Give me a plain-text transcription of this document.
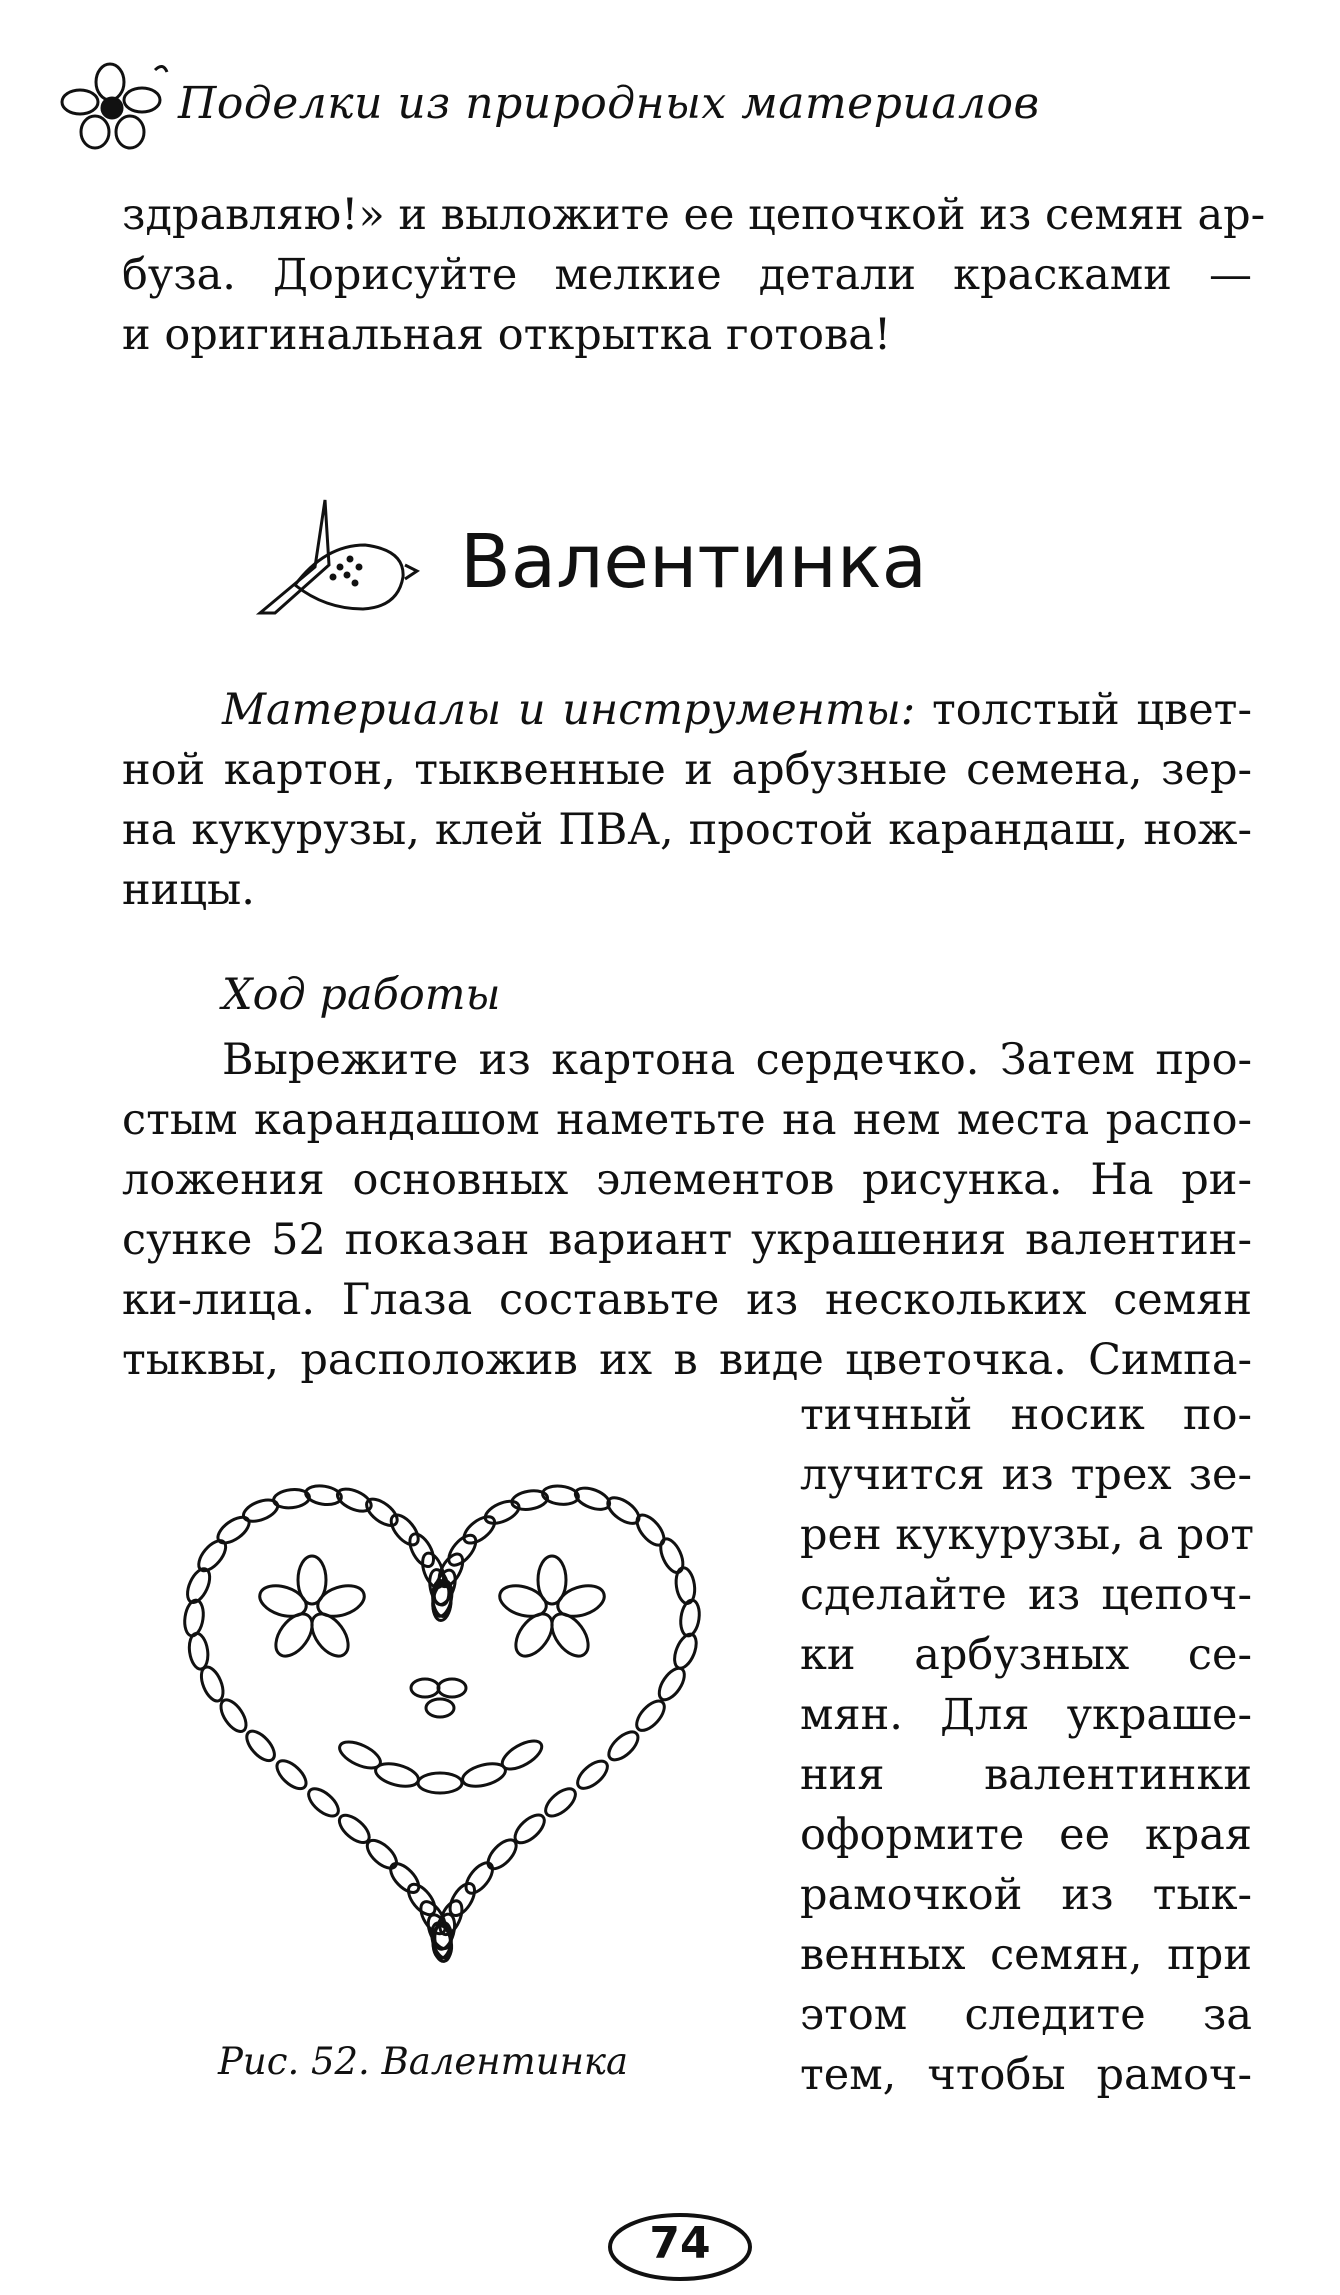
Поделки из природных материалов
здравляю!» и выложите ее цепочкой из семян ар-
буза. Дорисуйте мелкие детали красками —
и оригинальная открытка готова!
Валентинка
Материалы и инструменты: толстый цвет-
ной картон, тыквенные и арбузные семена, зер-
на кукурузы, клей ПВА, простой карандаш, нож-
ницы.
Ход работы
Вырежите из картона сердечко. Затем про-
стым карандашом наметьте на нем места распо-
ложения основных элементов рисунка. На ри-
сунке 52 показан вариант украшения валентин-
ки-лица. Глаза составьте из нескольких семян
тыквы, расположив их в виде цветочка. Симпа-
тичный носик по-
лучится из трех зе-
рен кукурузы, а рот
сделайте из цепоч-
ки арбузных се-
мян. Для украше-
ния валентинки
оформите ее края
рамочкой из тык-
венных семян, при
этом следите за
тем, чтобы рамоч-
Рис. 52. Валентинка
74
